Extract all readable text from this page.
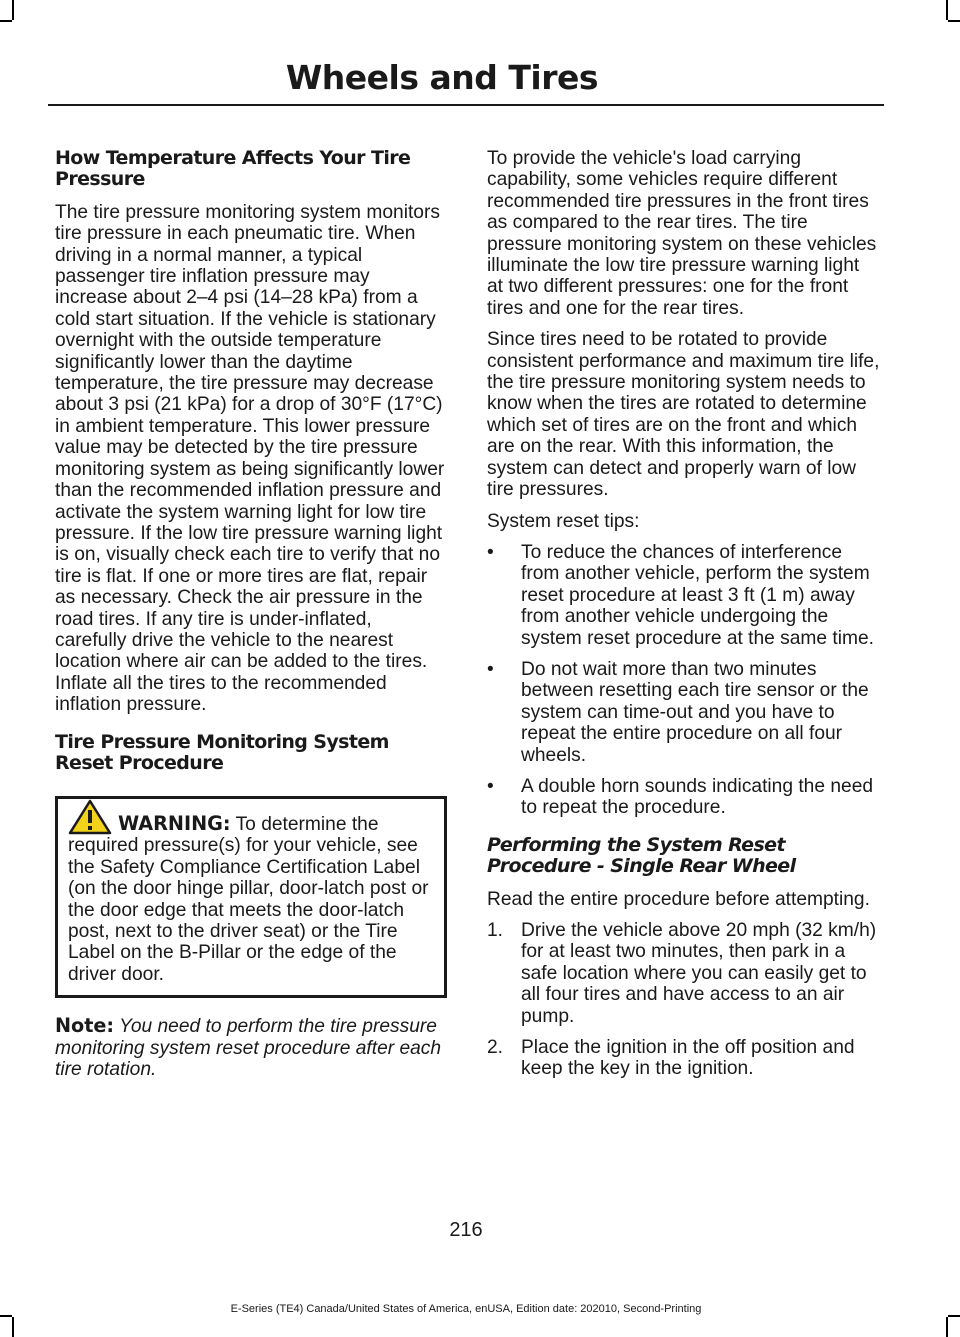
Wheels and Tires
How Temperature Affects Your Tire Pressure

The tire pressure monitoring system monitors tire pressure in each pneumatic tire. When driving in a normal manner, a typical passenger tire inflation pressure may increase about 2–4 psi (14–28 kPa) from a cold start situation. If the vehicle is stationary overnight with the outside temperature significantly lower than the daytime temperature, the tire pressure may decrease about 3 psi (21 kPa) for a drop of 30°F (17°C) in ambient temperature. This lower pressure value may be detected by the tire pressure monitoring system as being significantly lower than the recommended inflation pressure and activate the system warning light for low tire pressure. If the low tire pressure warning light is on, visually check each tire to verify that no tire is flat. If one or more tires are flat, repair as necessary. Check the air pressure in the road tires. If any tire is under-inflated, carefully drive the vehicle to the nearest location where air can be added to the tires. Inflate all the tires to the recommended inflation pressure.

Tire Pressure Monitoring System Reset Procedure
WARNING: To determine the
required pressure(s) for your vehicle, see the Safety Compliance Certification Label (on the door hinge pillar, door-latch post or the door edge that meets the door-latch post, next to the driver seat) or the Tire Label on the B-Pillar or the edge of the driver door.

Note: You need to perform the tire pressure monitoring system reset procedure after each tire rotation.

To provide the vehicle's load carrying capability, some vehicles require different recommended tire pressures in the front tires as compared to the rear tires. The tire pressure monitoring system on these vehicles illuminate the low tire pressure warning light at two different pressures: one for the front tires and one for the rear tires.

Since tires need to be rotated to provide consistent performance and maximum tire life, the tire pressure monitoring system needs to know when the tires are rotated to determine which set of tires are on the front and which are on the rear. With this information, the system can detect and properly warn of low tire pressures.

System reset tips:

• To reduce the chances of interference from another vehicle, perform the system reset procedure at least 3 ft (1 m) away from another vehicle undergoing the system reset procedure at the same time.
• Do not wait more than two minutes between resetting each tire sensor or the system can time-out and you have to repeat the entire procedure on all four wheels.
• A double horn sounds indicating the need to repeat the procedure.
Performing the System Reset Procedure - Single Rear Wheel

Read the entire procedure before attempting.

1. Drive the vehicle above 20 mph (32 km/h) for at least two minutes, then park in a safe location where you can easily get to all four tires and have access to an air pump.
2. Place the ignition in the off position and keep the key in the ignition.
216
E-Series (TE4) Canada/United States of America, enUSA, Edition date: 202010, Second-Printing
